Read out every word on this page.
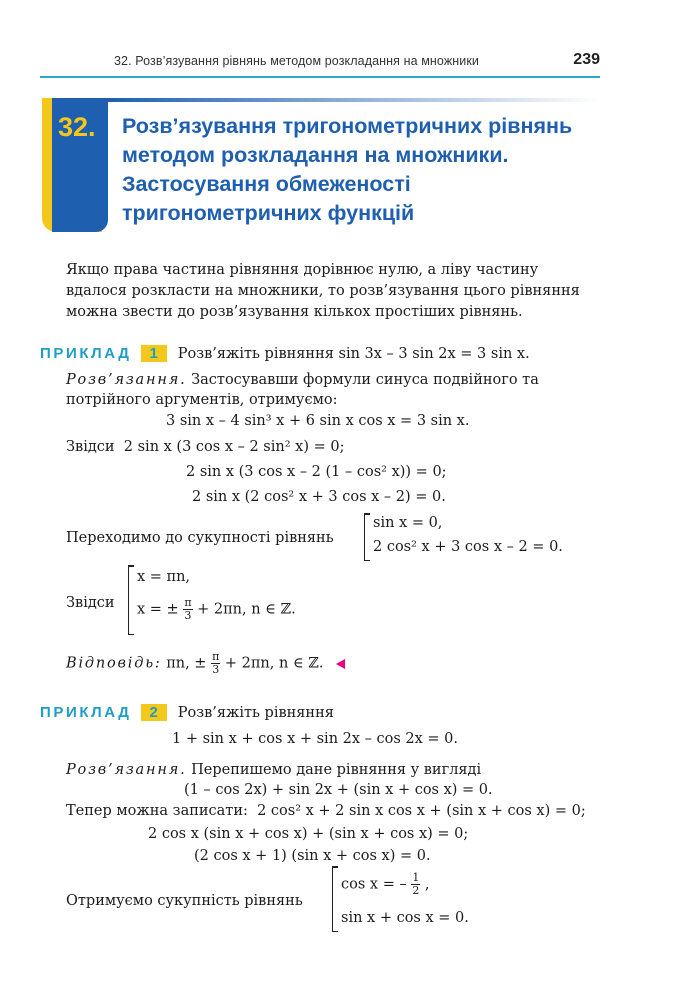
32. Розв’язування рівнянь методом розкладання на множники	239
32. Розв’язування тригонометричних рівнянь
методом розкладання на множники.
Застосування обмеженості
тригонометричних функцій

Якщо права частина рівняння дорівнює нулю, а ліву частину
вдалося розкласти на множники, то розв’язування цього рівняння
можна звести до розв’язування кількох простіших рівнянь.

ПРИКЛАД 1 Розв’яжіть рівняння sin 3x – 3 sin 2x = 3 sin x.
Розв’язання. Застосувавши формули синуса подвійного та
потрійного аргументів, отримуємо:
3 sin x – 4 sin³ x + 6 sin x cos x = 3 sin x.
Звідси 2 sin x (3 cos x – 2 sin² x) = 0;
2 sin x (3 cos x – 2 (1 – cos² x)) = 0;
2 sin x (2 cos² x + 3 cos x – 2) = 0.
Переходимо до сукупності рівнянь
sin x = 0,
2 cos² x + 3 cos x – 2 = 0.
Звідси
x = πn,
x = ± $\frac{\pi}{3} + 2\pi n$, n ∈ ℤ.
Відповідь: πn, ± $\frac{\pi}{3} + 2\pi n$, n ∈ ℤ.
ПРИКЛАД 2 Розв’яжіть рівняння
1 + sin x + cos x + sin 2x – cos 2x = 0.
Розв’язання. Перепишемо дане рівняння у вигляді
(1 – cos 2x) + sin 2x + (sin x + cos x) = 0.
Тепер можна записати: 2 cos² x + 2 sin x cos x + (sin x + cos x) = 0;
2 cos x (sin x + cos x) + (sin x + cos x) = 0;
(2 cos x + 1) (sin x + cos x) = 0.
Отримуємо сукупність рівнянь
cos x = – $\frac{1}{2}$ ,
sin x + cos x = 0.
